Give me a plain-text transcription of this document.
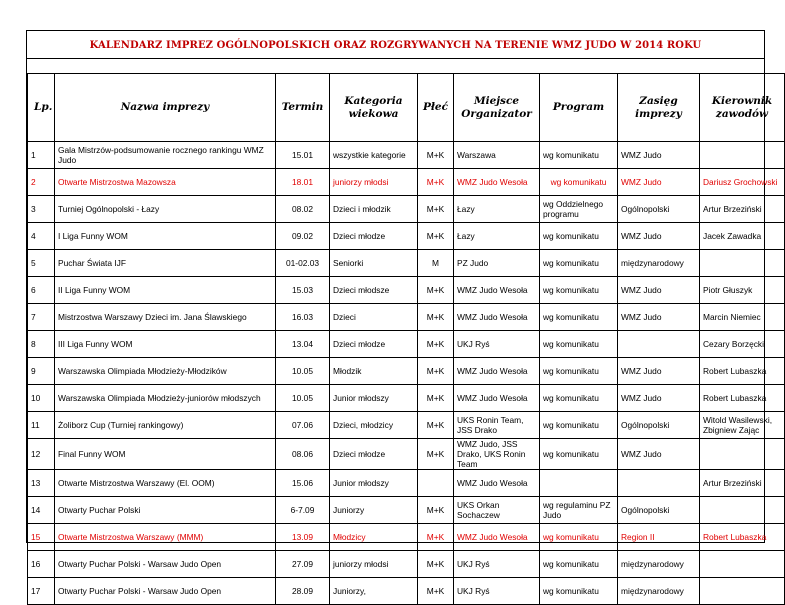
KALENDARZ IMPREZ OGÓLNOPOLSKICH ORAZ ROZGRYWANYCH NA TERENIE WMZ JUDO W 2014 ROKU
Lp.	Nazwa imprezy	Termin	Kategoria wiekowa	Płeć	Miejsce Organizator	Program	Zasięg imprezy	Kierownik zawodów
1	Gala Mistrzów-podsumowanie rocznego rankingu WMZ Judo	15.01	wszystkie kategorie	M+K	Warszawa	wg komunikatu	WMZ Judo	
2	Otwarte Mistrzostwa Mazowsza	18.01	juniorzy młodsi	M+K	WMZ Judo Wesoła	wg komunikatu	WMZ Judo	Dariusz Grochowski
3	Turniej Ogólnopolski - Łazy	08.02	Dzieci i młodzik	M+K	Łazy	wg Oddzielnego programu	Ogólnopolski	Artur Brzeziński
4	I Liga Funny WOM	09.02	Dzieci młodze	M+K	Łazy	wg komunikatu	WMZ Judo	Jacek Zawadka
5	Puchar Świata IJF	01-02.03	Seniorki	M	PZ Judo	wg komunikatu	międzynarodowy	
6	II Liga Funny WOM	15.03	Dzieci młodsze	M+K	WMZ Judo Wesoła	wg komunikatu	WMZ Judo	Piotr Głuszyk
7	Mistrzostwa Warszawy Dzieci im. Jana Ślawskiego	16.03	Dzieci	M+K	WMZ Judo Wesoła	wg komunikatu	WMZ Judo	Marcin Niemiec
8	III Liga Funny WOM	13.04	Dzieci młodze	M+K	UKJ Ryś	wg komunikatu		Cezary Borzęcki
9	Warszawska Olimpiada Młodzieży-Młodzików	10.05	Młodzik	M+K	WMZ Judo Wesoła	wg komunikatu	WMZ Judo	Robert Lubaszka
10	Warszawska Olimpiada Młodzieży-juniorów młodszych	10.05	Junior młodszy	M+K	WMZ Judo Wesoła	wg komunikatu	WMZ Judo	Robert Lubaszka
11	Żoliborz Cup (Turniej rankingowy)	07.06	Dzieci, młodzicy	M+K	UKS Ronin Team, JSS Drako	wg komunikatu	Ogólnopolski	Witold Wasilewski, Zbigniew Zając
12	Final Funny WOM	08.06	Dzieci młodze	M+K	WMZ Judo, JSS Drako, UKS Ronin Team	wg komunikatu	WMZ Judo	
13	Otwarte Mistrzostwa Warszawy (El. OOM)	15.06	Junior młodszy		WMZ Judo Wesoła			Artur Brzeziński
14	Otwarty Puchar Polski	6-7.09	Juniorzy	M+K	UKS Orkan Sochaczew	wg regulaminu PZ Judo	Ogólnopolski	
15	Otwarte Mistrzostwa Warszawy (MMM)	13.09	Młodzicy	M+K	WMZ Judo Wesoła	wg komunikatu	Region II	Robert Lubaszka
16	Otwarty Puchar Polski - Warsaw Judo Open	27.09	juniorzy młodsi	M+K	UKJ Ryś	wg komunikatu	międzynarodowy	
17	Otwarty Puchar Polski - Warsaw Judo Open	28.09	Juniorzy,	M+K	UKJ Ryś	wg komunikatu	międzynarodowy	
